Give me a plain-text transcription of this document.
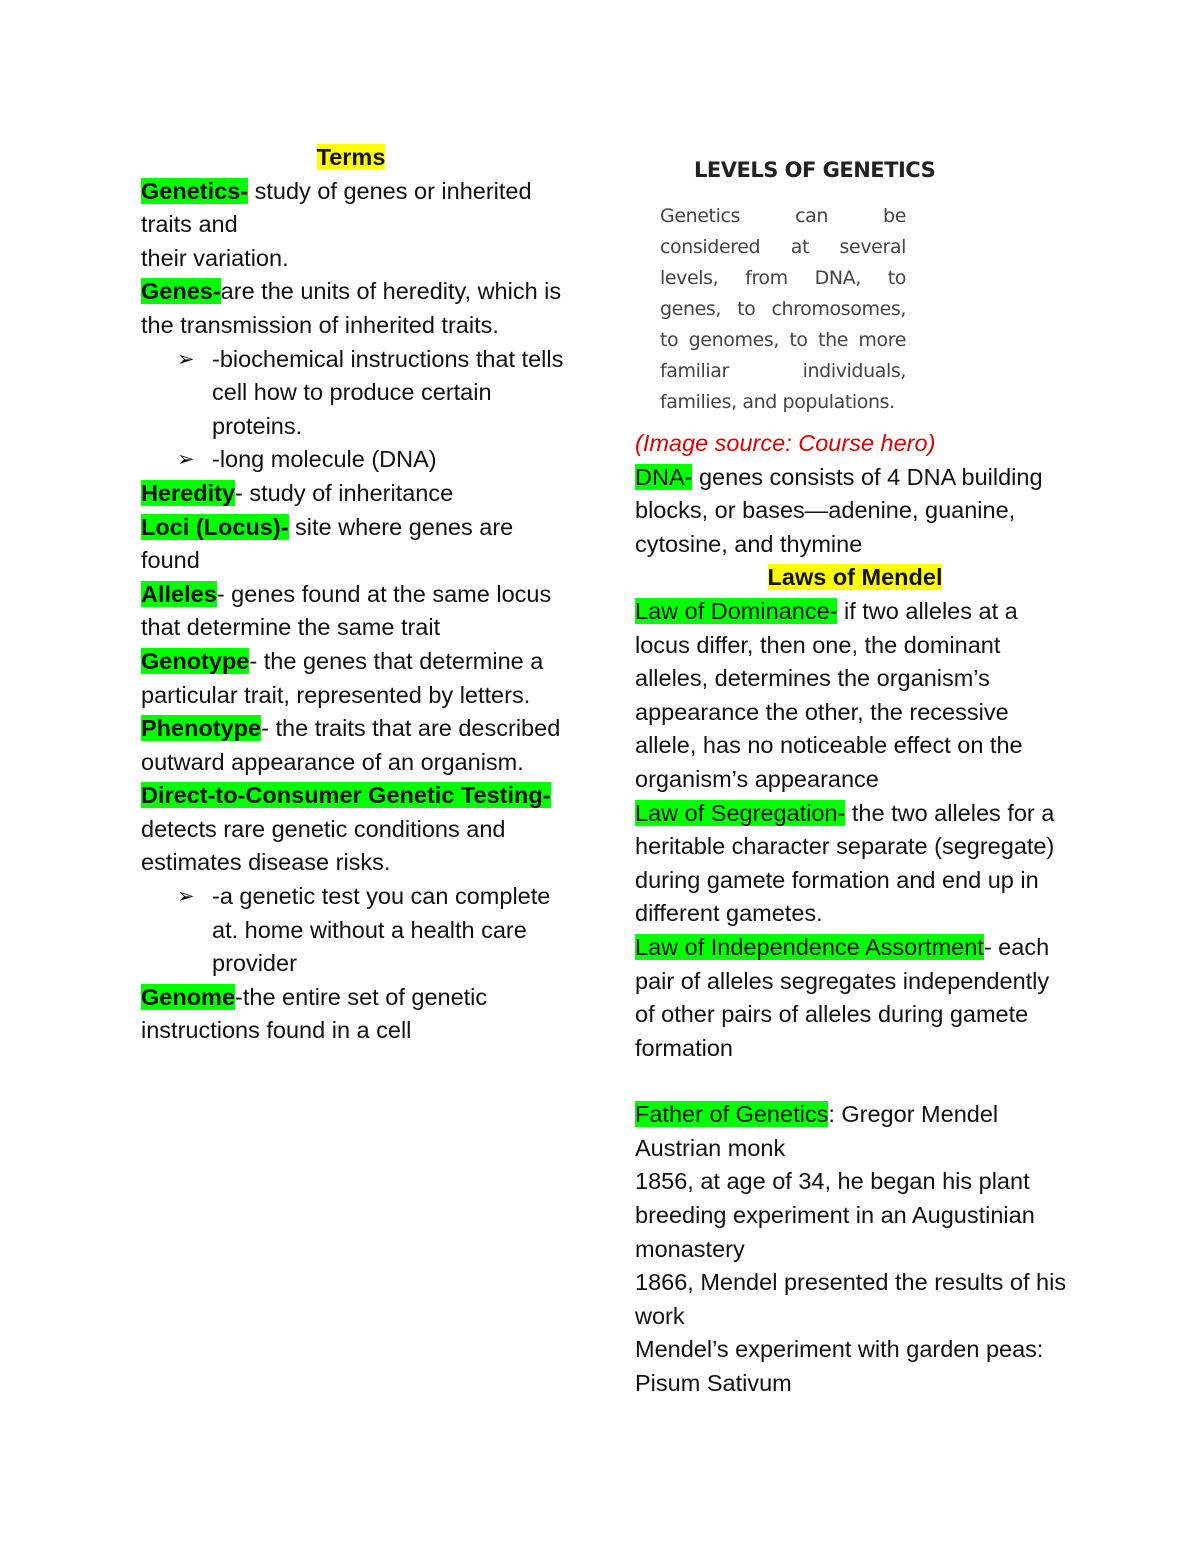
Terms

Genetics- study of genes or inherited traits and

their variation.

Genes-are the units of heredity, which is the transmission of inherited traits.

➢ -biochemical instructions that tells cell how to produce certain proteins.

➢ -long molecule (DNA)

Heredity- study of inheritance

Loci (Locus)- site where genes are found

Alleles- genes found at the same locus that determine the same trait

Genotype- the genes that determine a particular trait, represented by letters.

Phenotype- the traits that are described outward appearance of an organism.

Direct-to-Consumer Genetic Testing-

detects rare genetic conditions and estimates disease risks.

➢ -a genetic test you can complete at. home without a health care provider

Genome-the entire set of genetic instructions found in a cell

LEVELS OF GENETICS
Genetics can be considered at several levels, from DNA, to genes, to chromosomes, to genomes, to the more familiar individuals, families, and populations.

(Image source: Course hero)

DNA- genes consists of 4 DNA building blocks, or bases—adenine, guanine, cytosine, and thymine

Laws of Mendel

Law of Dominance- if two alleles at a locus differ, then one, the dominant alleles, determines the organism’s appearance the other, the recessive allele, has no noticeable effect on the organism’s appearance

Law of Segregation- the two alleles for a heritable character separate (segregate) during gamete formation and end up in different gametes.

Law of Independence Assortment- each pair of alleles segregates independently of other pairs of alleles during gamete formation

Father of Genetics: Gregor Mendel

Austrian monk

1856, at age of 34, he began his plant breeding experiment in an Augustinian monastery

1866, Mendel presented the results of his work

Mendel’s experiment with garden peas: Pisum Sativum
